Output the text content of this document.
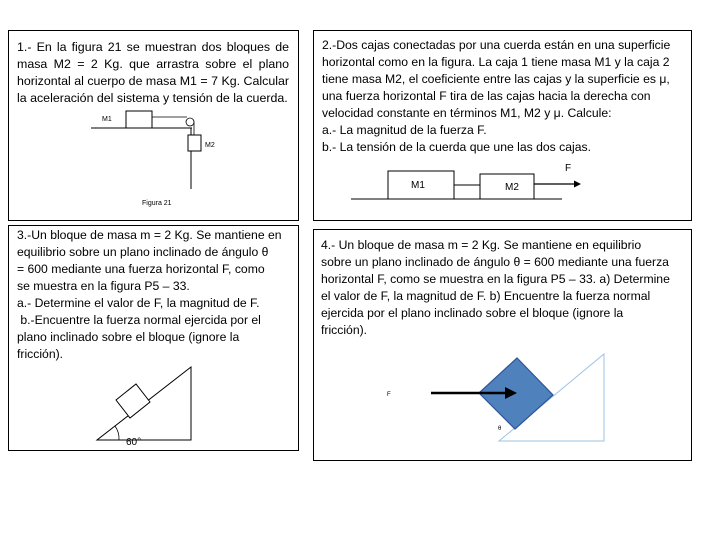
1.- En la figura 21 se muestran dos bloques de masa M2 = 2 Kg. que arrastra sobre el plano horizontal al cuerpo de masa M1 = 7 Kg. Calcular la aceleración del sistema y tensión de la cuerda.
M1
M2
Figura 21
2.-Dos cajas conectadas por una cuerda están en una superficie
horizontal como en la figura. La caja 1 tiene masa M1 y la caja 2
tiene masa M2, el coeficiente entre las cajas y la superficie es μ,
una fuerza horizontal F tira de las cajas hacia la derecha con
velocidad constante en términos M1, M2 y μ. Calcule:
a.- La magnitud de la fuerza F.
b.- La tensión de la cuerda que une las dos cajas.
F
M1	M2
3.-Un bloque de masa m = 2 Kg. Se mantiene en
equilibrio sobre un plano inclinado de ángulo θ
= 600 mediante una fuerza horizontal F, como
se muestra en la figura P5 – 33.
a.- Determine el valor de F, la magnitud de F.
b.-Encuentre la fuerza normal ejercida por el
plano inclinado sobre el bloque (ignore la
fricción).
60°
4.- Un bloque de masa m = 2 Kg. Se mantiene en equilibrio
sobre un plano inclinado de ángulo θ = 600 mediante una fuerza
horizontal F, como se muestra en la figura P5 – 33. a) Determine
el valor de F, la magnitud de F. b) Encuentre la fuerza normal
ejercida por el plano inclinado sobre el bloque (ignore la
fricción).
F
θ
